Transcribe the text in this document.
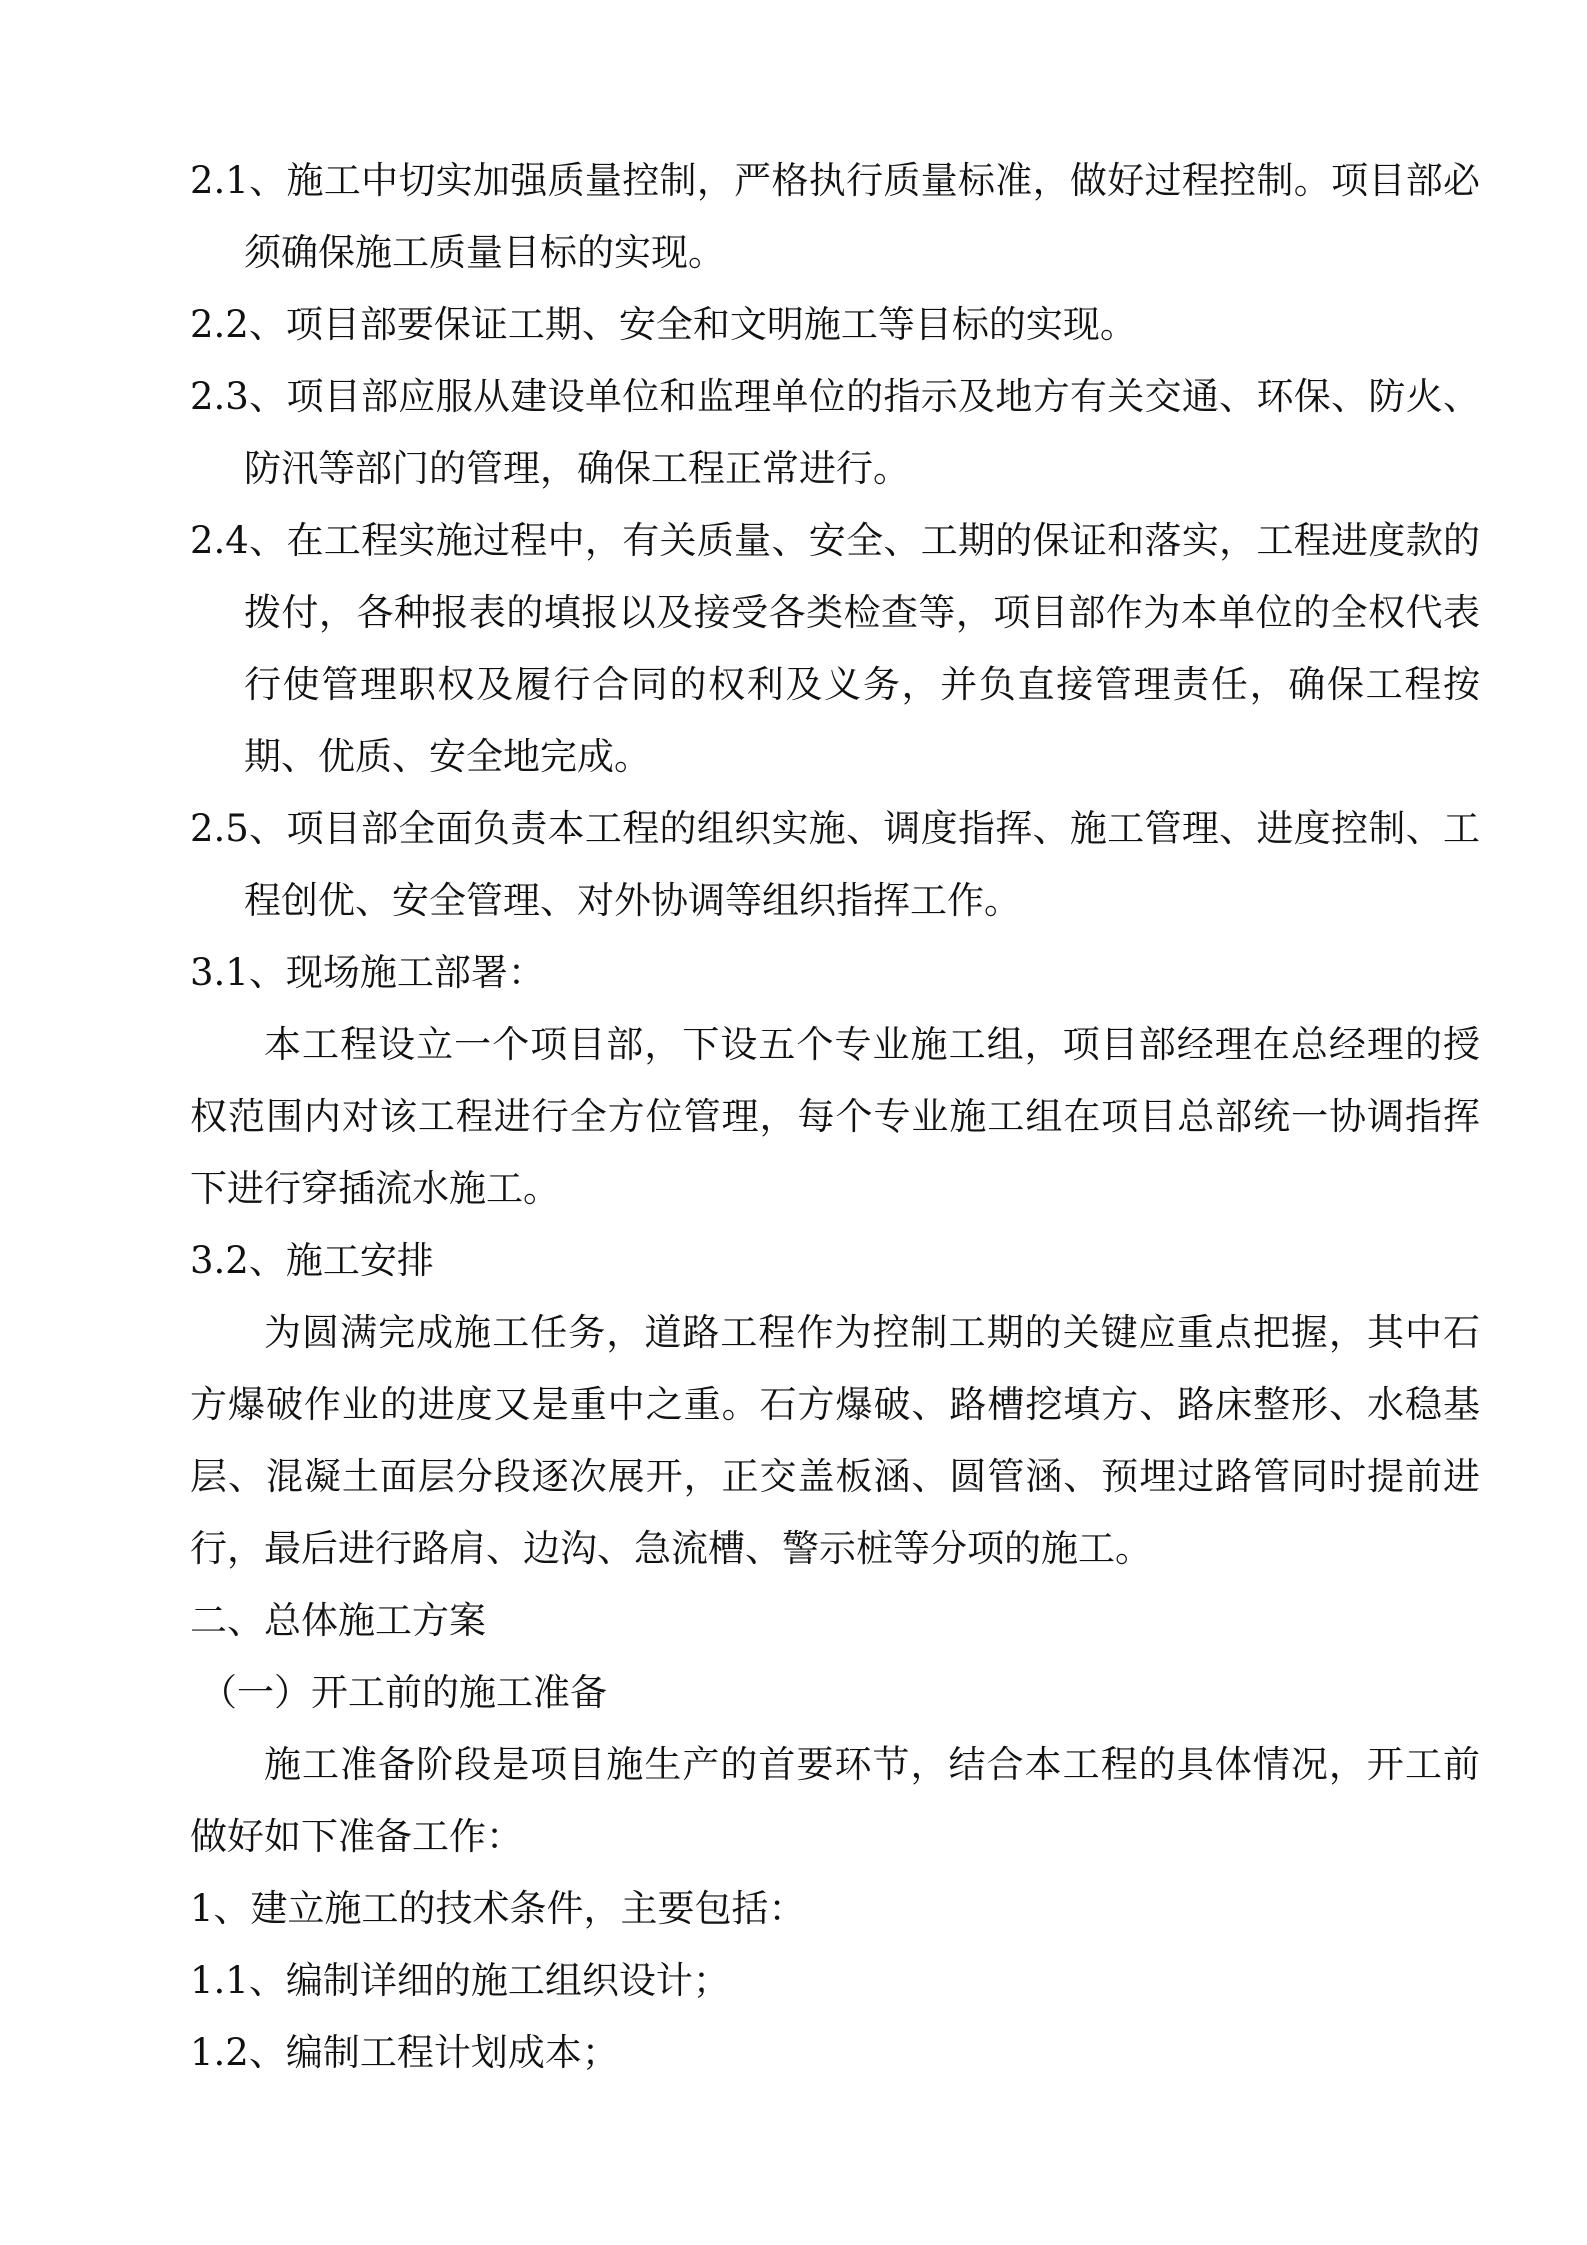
2.1、施工中切实加强质量控制，严格执行质量标准，做好过程控制。项目部必须确保施工质量目标的实现。

2.2、项目部要保证工期、安全和文明施工等目标的实现。

2.3、项目部应服从建设单位和监理单位的指示及地方有关交通、环保、防火、防汛等部门的管理，确保工程正常进行。

2.4、在工程实施过程中，有关质量、安全、工期的保证和落实，工程进度款的拨付，各种报表的填报以及接受各类检查等，项目部作为本单位的全权代表行使管理职权及履行合同的权利及义务，并负直接管理责任，确保工程按期、优质、安全地完成。

2.5、项目部全面负责本工程的组织实施、调度指挥、施工管理、进度控制、工程创优、安全管理、对外协调等组织指挥工作。

3.1、现场施工部署：

本工程设立一个项目部，下设五个专业施工组，项目部经理在总经理的授权范围内对该工程进行全方位管理，每个专业施工组在项目总部统一协调指挥下进行穿插流水施工。

3.2、施工安排

为圆满完成施工任务，道路工程作为控制工期的关键应重点把握，其中石方爆破作业的进度又是重中之重。石方爆破、路槽挖填方、路床整形、水稳基层、混凝土面层分段逐次展开，正交盖板涵、圆管涵、预埋过路管同时提前进行，最后进行路肩、边沟、急流槽、警示桩等分项的施工。

二、总体施工方案

（一）开工前的施工准备

施工准备阶段是项目施生产的首要环节，结合本工程的具体情况，开工前做好如下准备工作：

1、建立施工的技术条件，主要包括：

1.1、编制详细的施工组织设计；

1.2、编制工程计划成本；
